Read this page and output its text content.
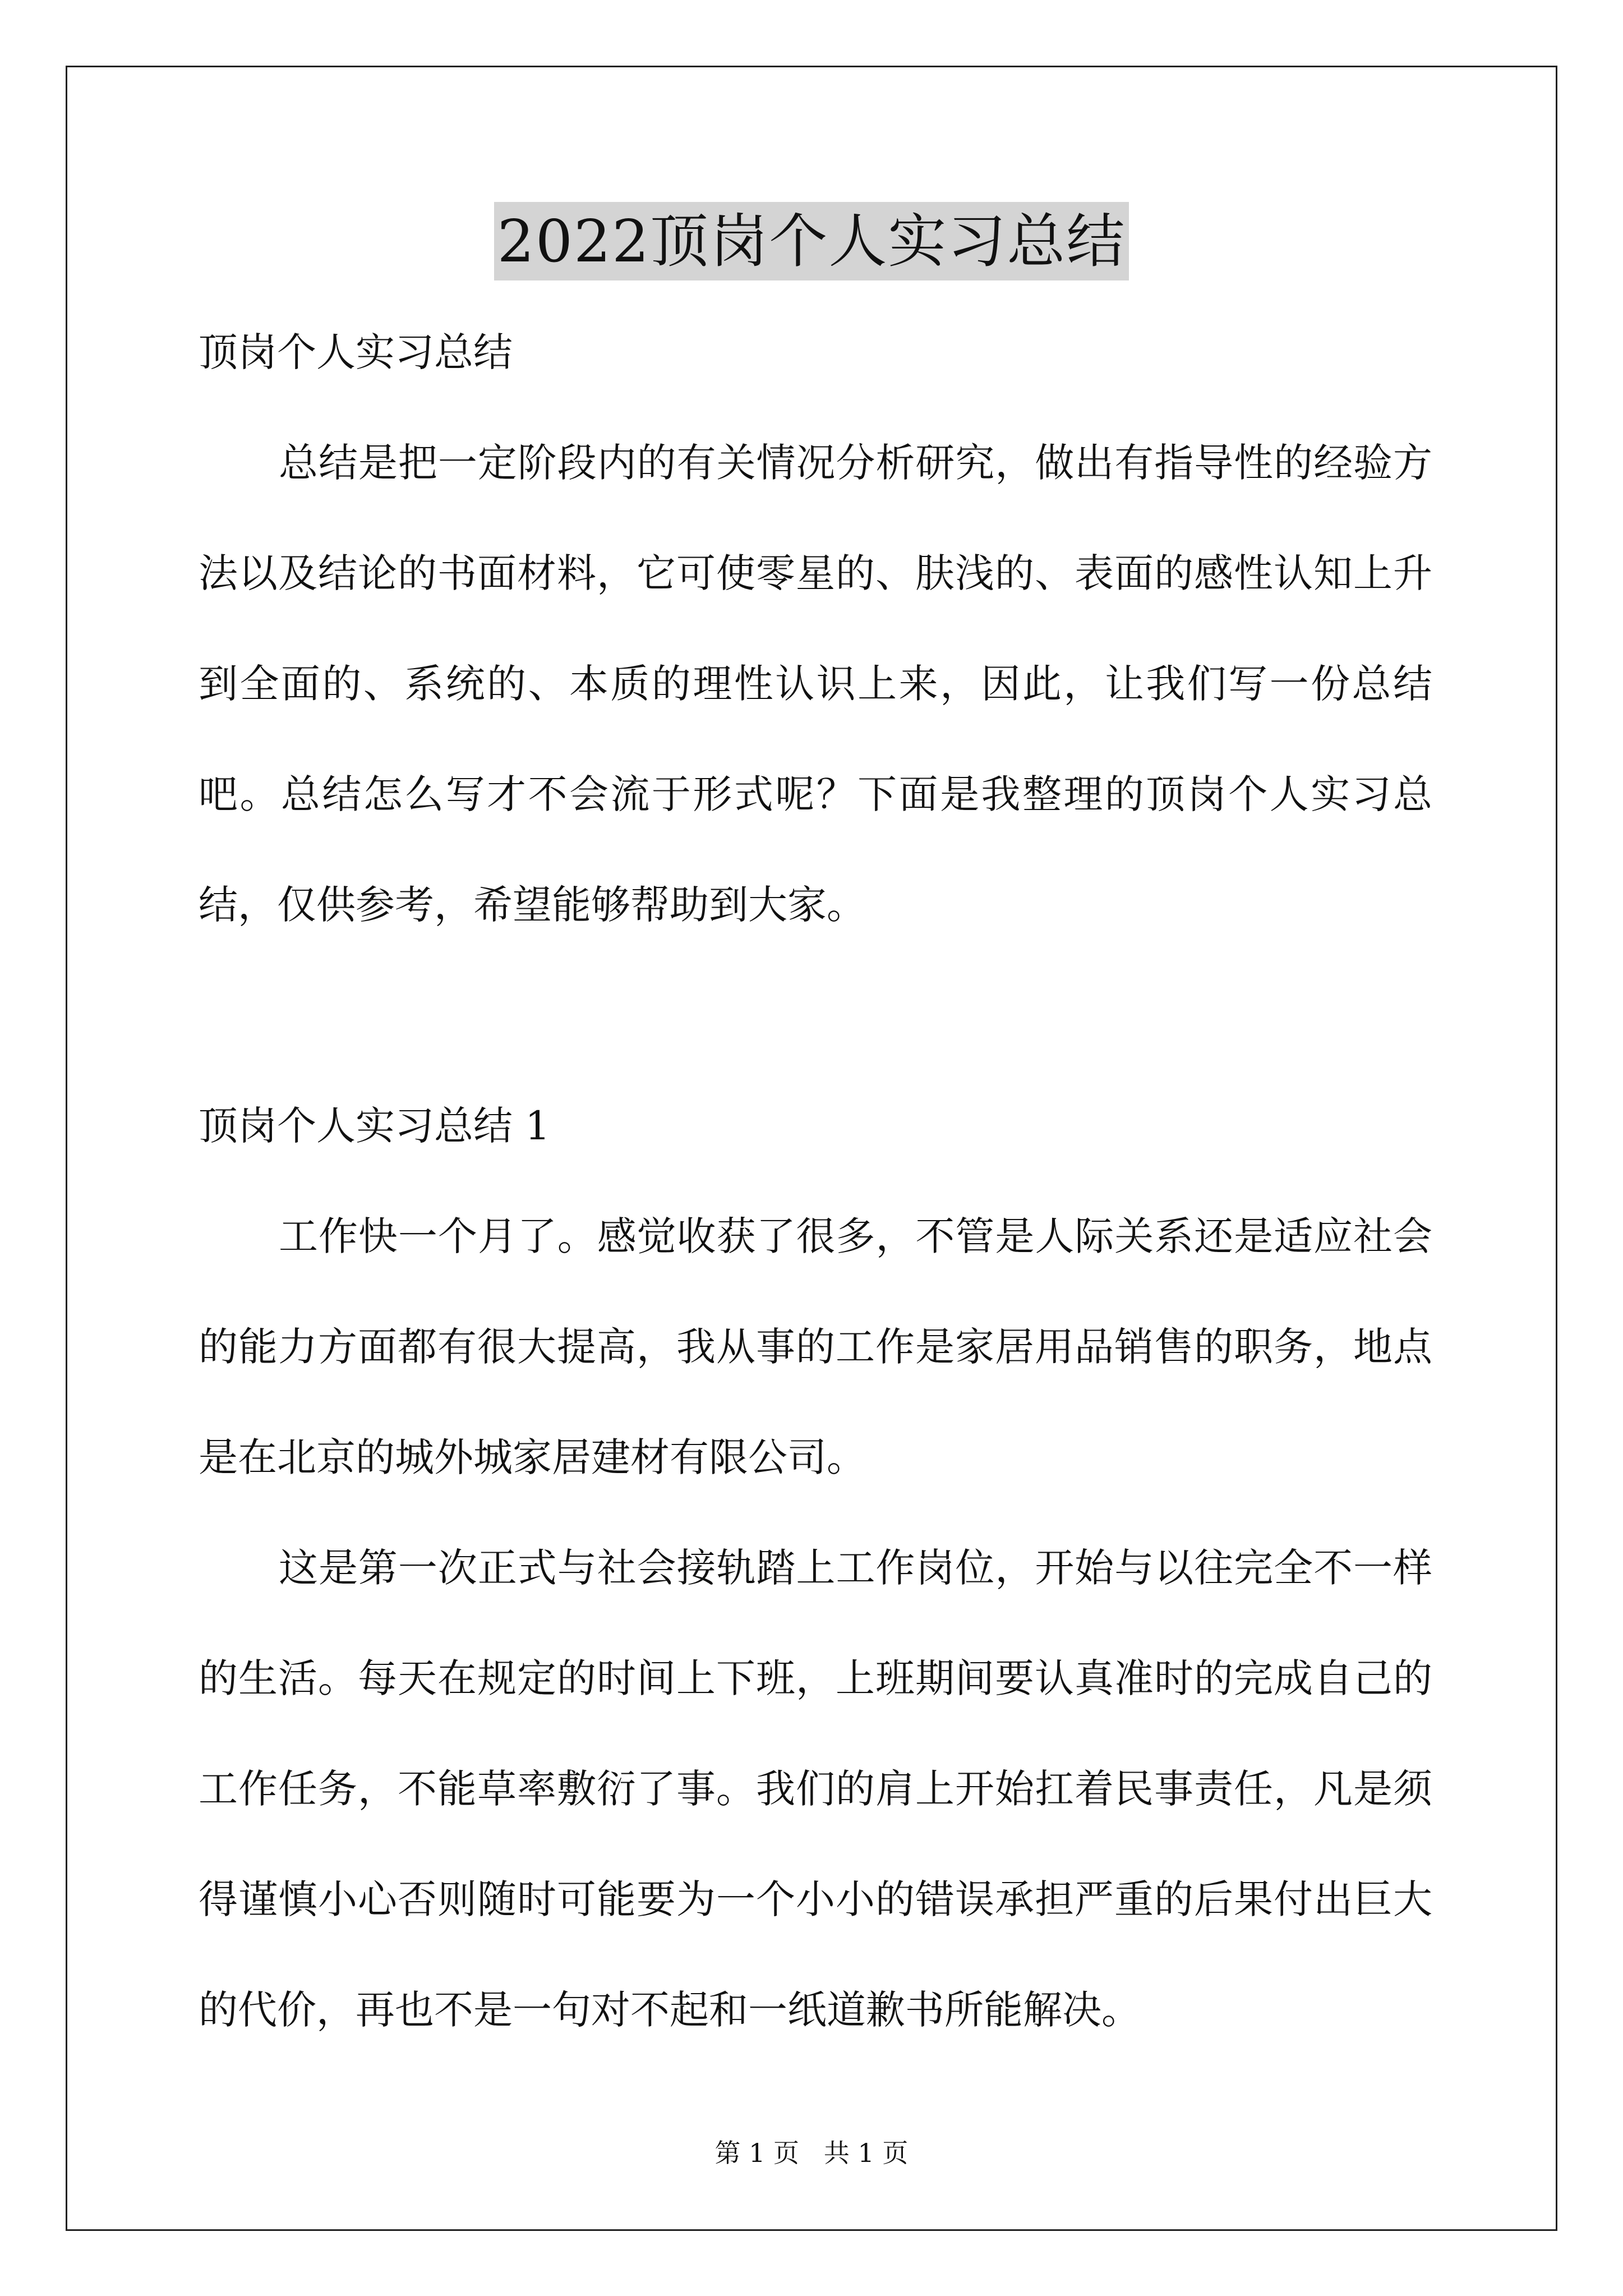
2022顶岗个人实习总结

顶岗个人实习总结

总结是把一定阶段内的有关情况分析研究，做出有指导性的经验方法以及结论的书面材料，它可使零星的、肤浅的、表面的感性认知上升到全面的、系统的、本质的理性认识上来，因此，让我们写一份总结吧。总结怎么写才不会流于形式呢？下面是我整理的顶岗个人实习总结，仅供参考，希望能够帮助到大家。

顶岗个人实习总结 1

工作快一个月了。感觉收获了很多，不管是人际关系还是适应社会的能力方面都有很大提高，我从事的工作是家居用品销售的职务，地点是在北京的城外城家居建材有限公司。

这是第一次正式与社会接轨踏上工作岗位，开始与以往完全不一样的生活。每天在规定的时间上下班，上班期间要认真准时的完成自己的工作任务，不能草率敷衍了事。我们的肩上开始扛着民事责任，凡是须得谨慎小心否则随时可能要为一个小小的错误承担严重的后果付出巨大的代价，再也不是一句对不起和一纸道歉书所能解决。

第 1 页   共 1 页
